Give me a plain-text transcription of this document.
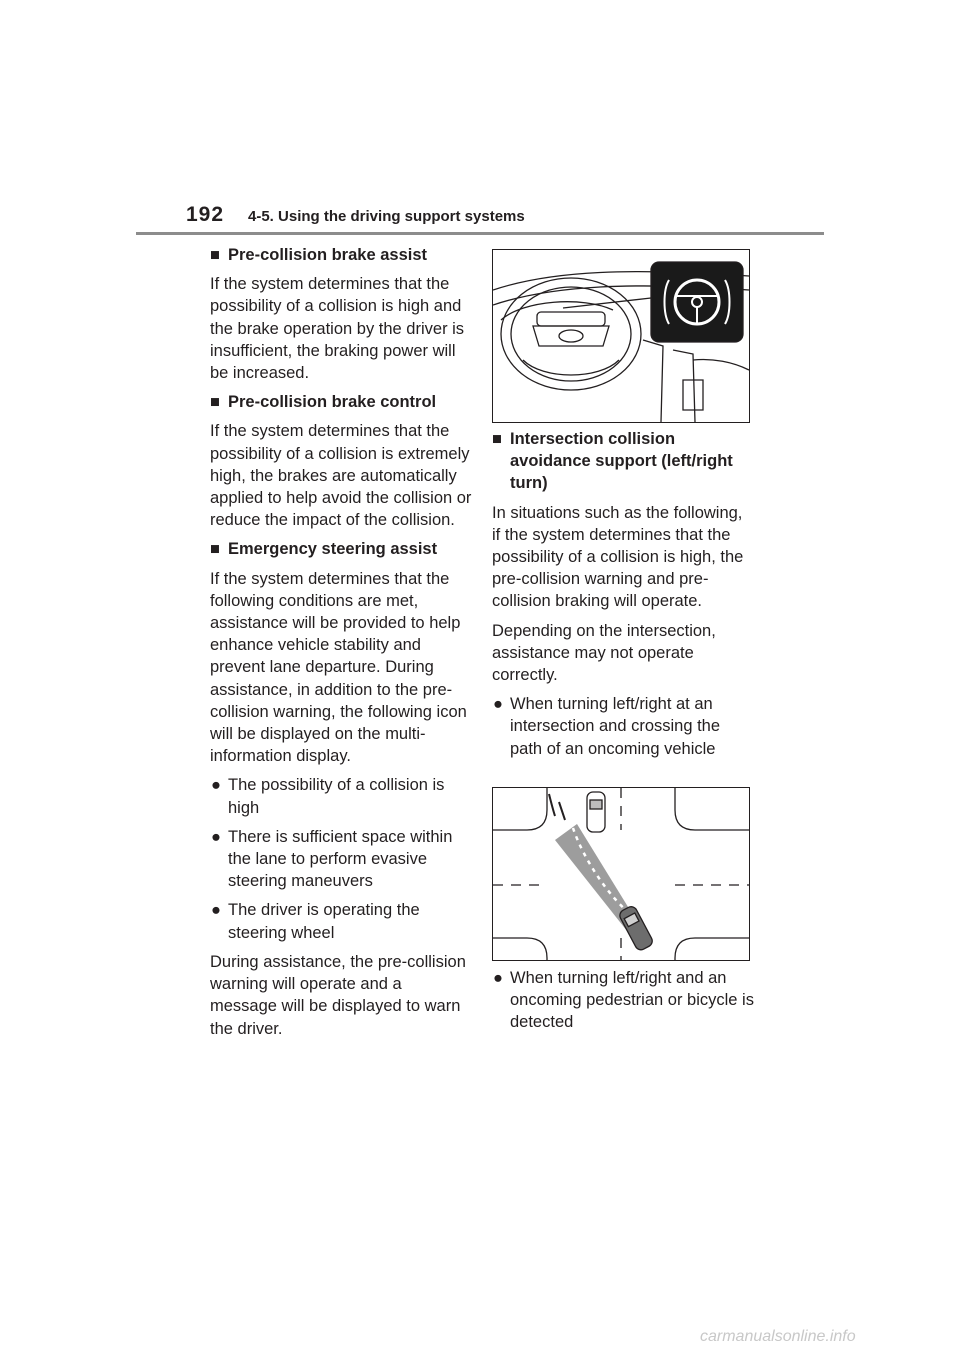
192 4-5. Using the driving support systems
■ Pre-collision brake assist

If the system determines that the possibility of a collision is high and the brake operation by the driver is insufficient, the braking power will be increased.

■ Pre-collision brake control

If the system determines that the possibility of a collision is extremely high, the brakes are automatically applied to help avoid the collision or reduce the impact of the collision.

■ Emergency steering assist

If the system determines that the following conditions are met, assistance will be provided to help enhance vehicle stability and prevent lane departure. During assistance, in addition to the pre-collision warning, the following icon will be displayed on the multi-information display.

● The possibility of a collision is high
● There is sufficient space within the lane to perform evasive steering maneuvers
● The driver is operating the steering wheel

During assistance, the pre-collision warning will operate and a message will be displayed to warn the driver.

■ Intersection collision avoidance support (left/right turn)

In situations such as the following, if the system determines that the possibility of a collision is high, the pre-collision warning and pre-collision braking will operate.

Depending on the intersection, assistance may not operate correctly.

● When turning left/right at an intersection and crossing the path of an oncoming vehicle
● When turning left/right and an oncoming pedestrian or bicycle is detected
carmanualsonline.info
